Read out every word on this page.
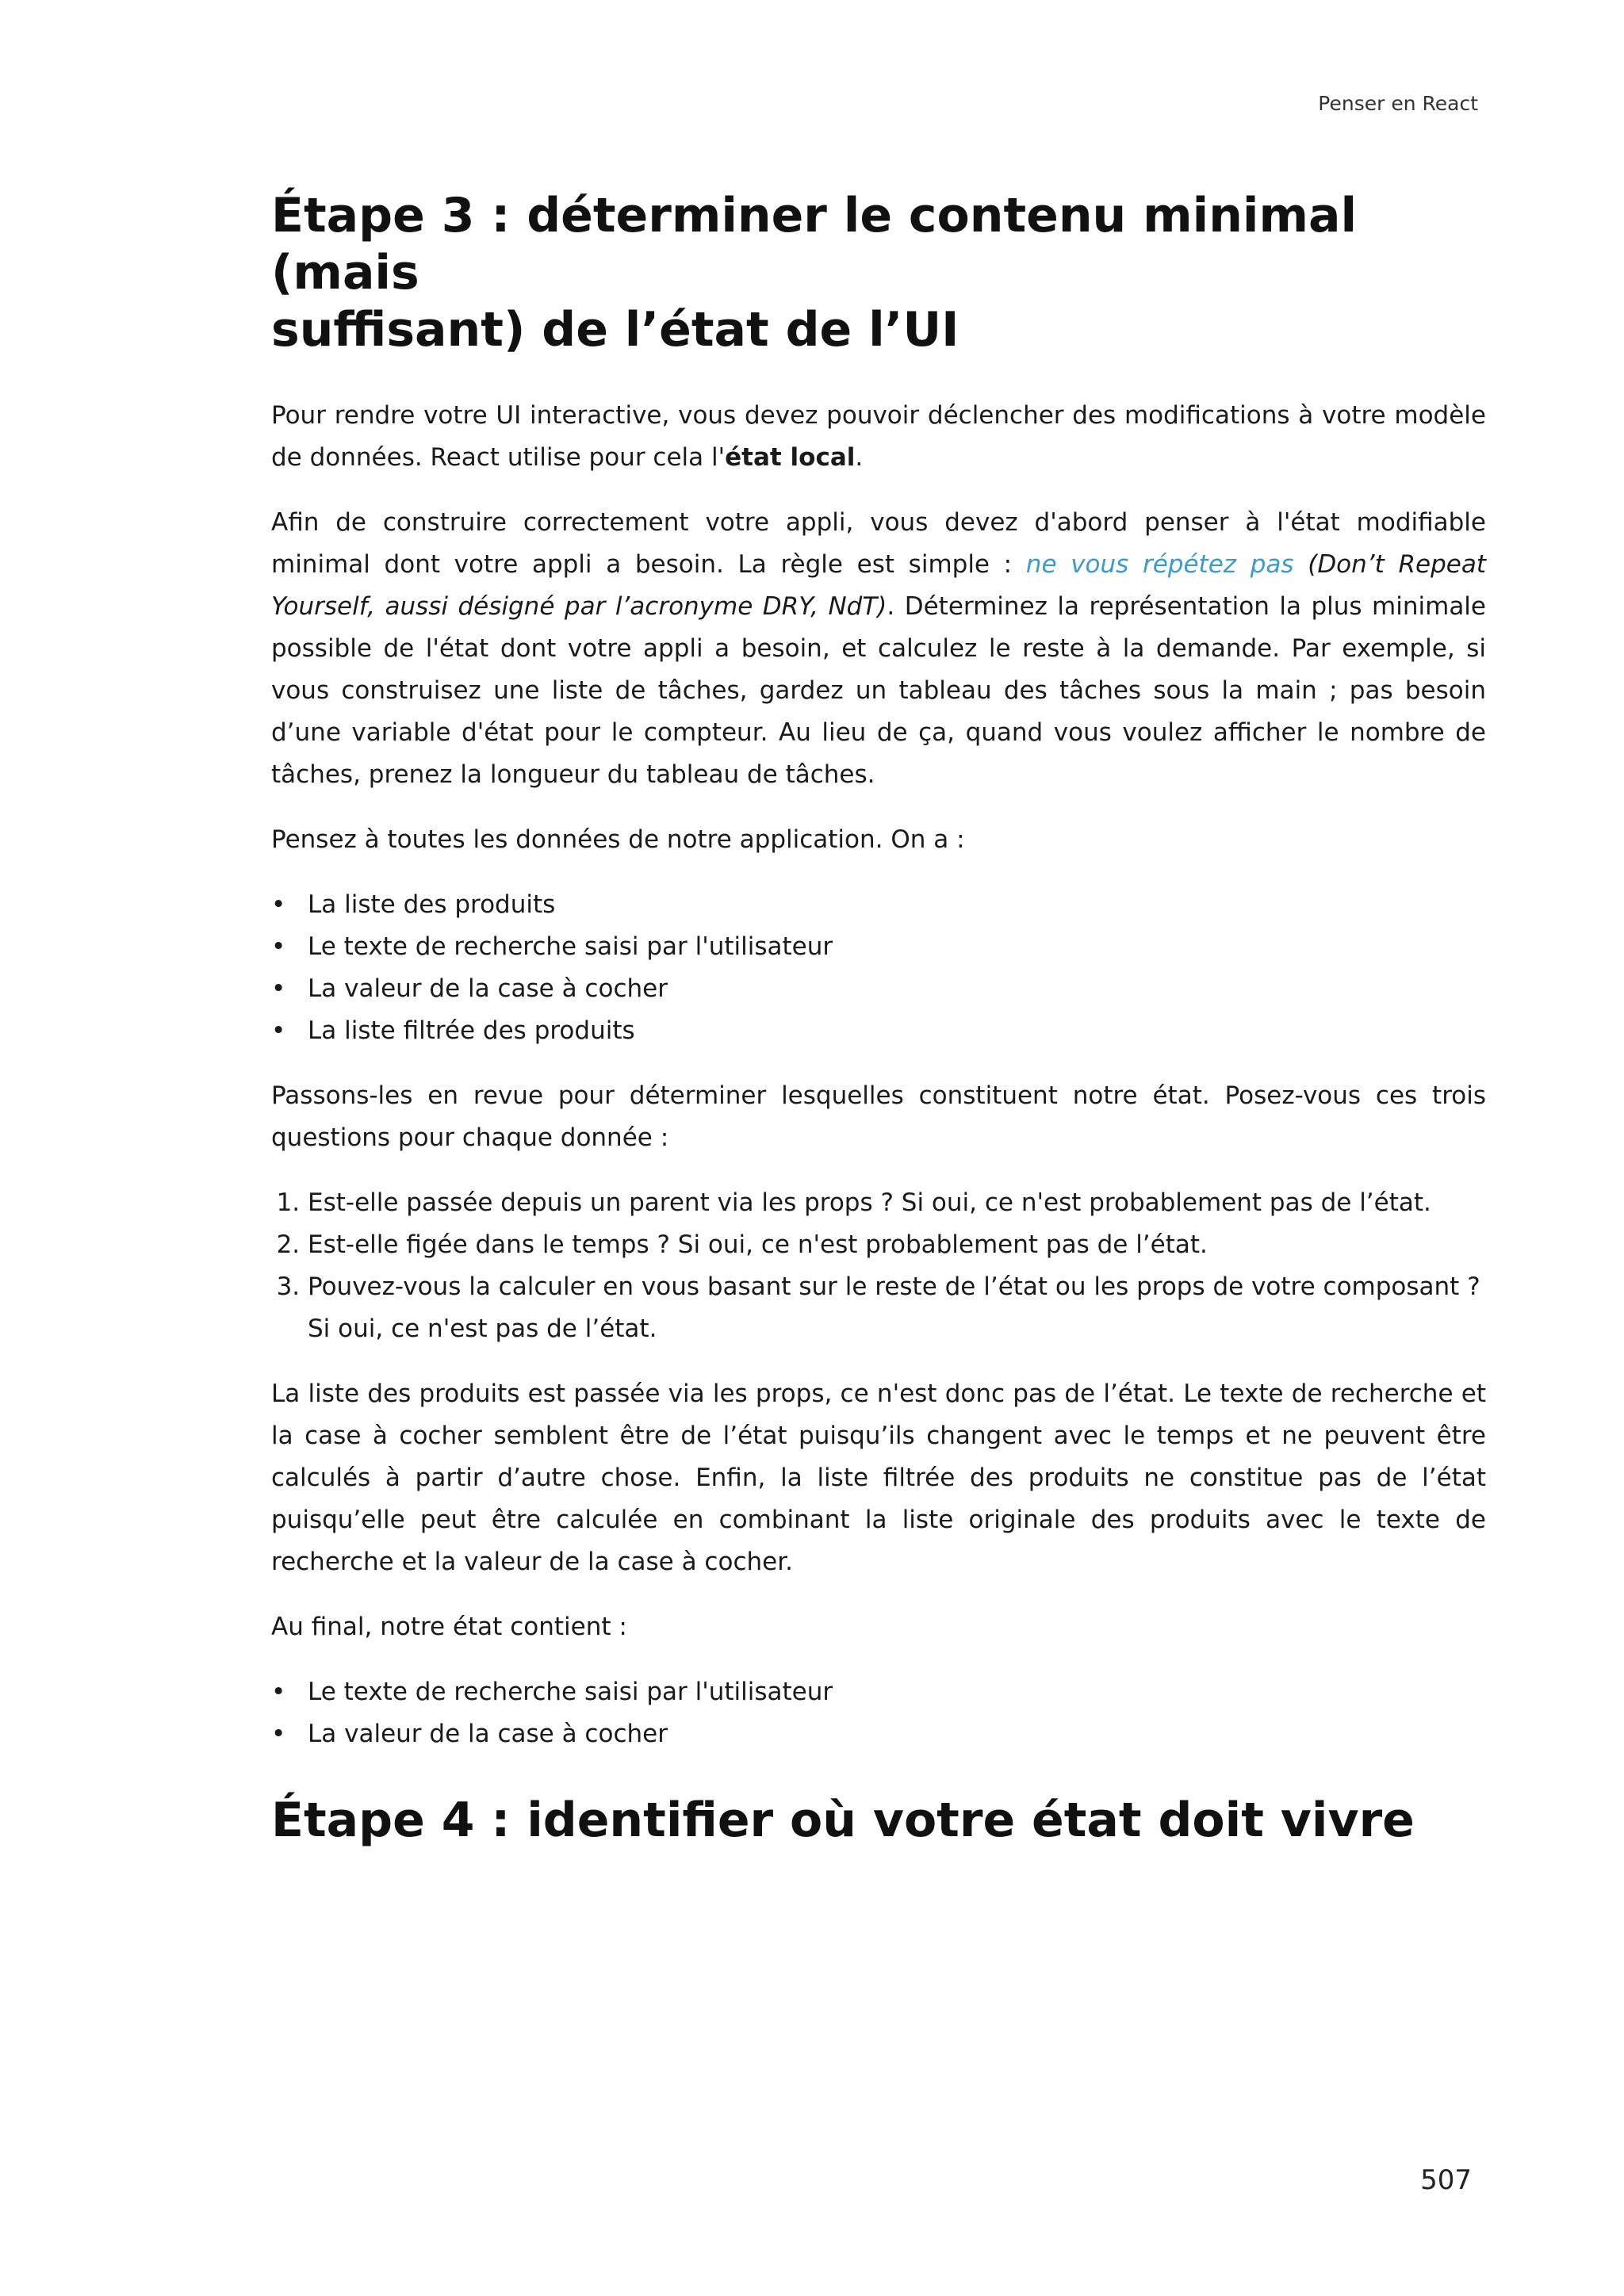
Penser en React
Étape 3 : déterminer le contenu minimal (mais
suffisant) de l’état de l’UI

Pour rendre votre UI interactive, vous devez pouvoir déclencher des modifications à votre modèle de données. React utilise pour cela l'état local.

Afin de construire correctement votre appli, vous devez d'abord penser à l'état modifiable minimal dont votre appli a besoin. La règle est simple : ne vous répétez pas (Don’t Repeat Yourself, aussi désigné par l’acronyme DRY, NdT). Déterminez la représentation la plus minimale possible de l'état dont votre appli a besoin, et calculez le reste à la demande. Par exemple, si vous construisez une liste de tâches, gardez un tableau des tâches sous la main ; pas besoin d’une variable d'état pour le compteur. Au lieu de ça, quand vous voulez afficher le nombre de tâches, prenez la longueur du tableau de tâches.

Pensez à toutes les données de notre application. On a :

• La liste des produits
• Le texte de recherche saisi par l'utilisateur
• La valeur de la case à cocher
• La liste filtrée des produits

Passons-les en revue pour déterminer lesquelles constituent notre état. Posez-vous ces trois questions pour chaque donnée :

1. Est-elle passée depuis un parent via les props ? Si oui, ce n'est probablement pas de l’état.
2. Est-elle figée dans le temps ? Si oui, ce n'est probablement pas de l’état.
3. Pouvez-vous la calculer en vous basant sur le reste de l’état ou les props de votre composant ? Si oui, ce n'est pas de l’état.

La liste des produits est passée via les props, ce n'est donc pas de l’état. Le texte de recherche et la case à cocher semblent être de l’état puisqu’ils changent avec le temps et ne peuvent être calculés à partir d’autre chose. Enfin, la liste filtrée des produits ne constitue pas de l’état puisqu’elle peut être calculée en combinant la liste originale des produits avec le texte de recherche et la valeur de la case à cocher.

Au final, notre état contient :

• Le texte de recherche saisi par l'utilisateur
• La valeur de la case à cocher
Étape 4 : identifier où votre état doit vivre
507
